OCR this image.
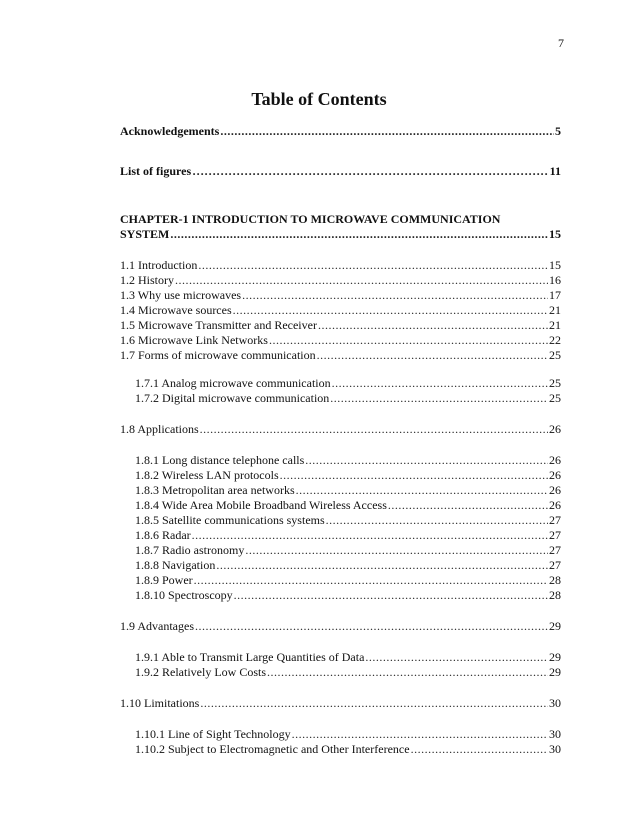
7
Table of Contents
Acknowledgements .....	5
List of figures ……………………………………………………………………………………………………	11
CHAPTER-1 INTRODUCTION TO MICROWAVE COMMUNICATION
SYSTEM .....	15
1.1 Introduction .....	15
1.2 History .....	16
1.3 Why use microwaves .....	17
1.4 Microwave sources .....	21
1.5 Microwave Transmitter and Receiver .....	21
1.6 Microwave Link Networks .....	22
1.7 Forms of microwave communication .....	25
1.7.1 Analog microwave communication .....	25
1.7.2 Digital microwave communication .....	25
1.8 Applications .....	26
1.8.1 Long distance telephone calls .....	26
1.8.2 Wireless LAN protocols .....	26
1.8.3 Metropolitan area networks .....	26
1.8.4 Wide Area Mobile Broadband Wireless Access .....	26
1.8.5 Satellite communications systems .....	27
1.8.6 Radar .....	27
1.8.7 Radio astronomy .....	27
1.8.8 Navigation .....	27
1.8.9 Power .....	28
1.8.10 Spectroscopy .....	28
1.9 Advantages .....	29
1.9.1 Able to Transmit Large Quantities of Data .....	29
1.9.2 Relatively Low Costs .....	29
1.10 Limitations .....	30
1.10.1 Line of Sight Technology .....	30
1.10.2 Subject to Electromagnetic and Other Interference .....	30
